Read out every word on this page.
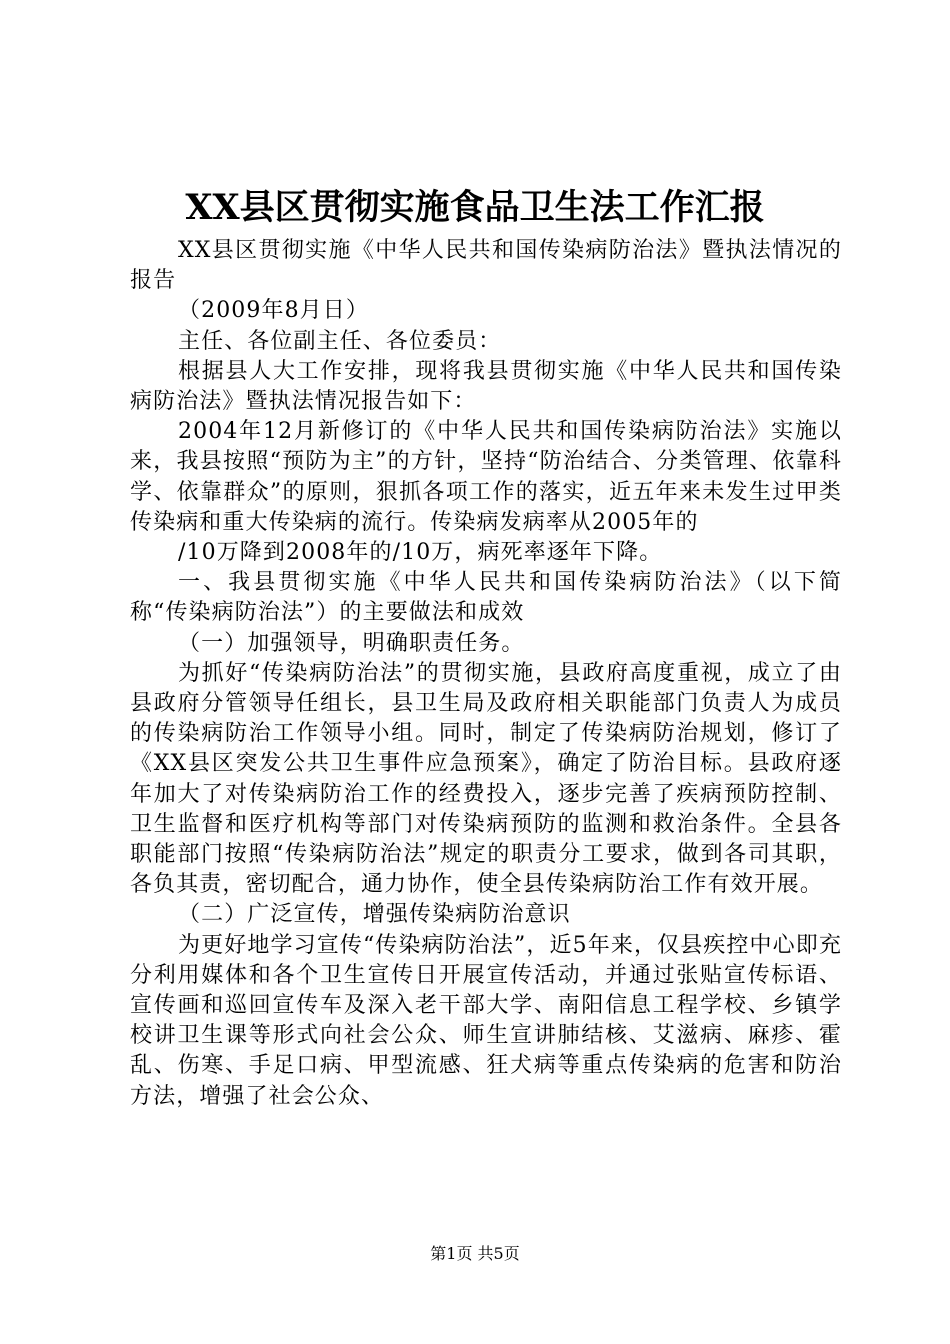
XX县区贯彻实施食品卫生法工作汇报

XX县区贯彻实施《中华人民共和国传染病防治法》暨执法情况的报告

（2009年8月日）

主任、各位副主任、各位委员：

根据县人大工作安排，现将我县贯彻实施《中华人民共和国传染病防治法》暨执法情况报告如下：

2004年12月新修订的《中华人民共和国传染病防治法》实施以来，我县按照“预防为主”的方针，坚持“防治结合、分类管理、依靠科学、依靠群众”的原则，狠抓各项工作的落实，近五年来未发生过甲类传染病和重大传染病的流行。传染病发病率从2005年的

/10万降到2008年的/10万，病死率逐年下降。

一、我县贯彻实施《中华人民共和国传染病防治法》（以下简称“传染病防治法”）的主要做法和成效

（一）加强领导，明确职责任务。

为抓好“传染病防治法”的贯彻实施，县政府高度重视，成立了由县政府分管领导任组长，县卫生局及政府相关职能部门负责人为成员的传染病防治工作领导小组。同时，制定了传染病防治规划，修订了《XX县区突发公共卫生事件应急预案》，确定了防治目标。县政府逐年加大了对传染病防治工作的经费投入，逐步完善了疾病预防控制、卫生监督和医疗机构等部门对传染病预防的监测和救治条件。全县各职能部门按照“传染病防治法”规定的职责分工要求，做到各司其职，各负其责，密切配合，通力协作，使全县传染病防治工作有效开展。

（二）广泛宣传，增强传染病防治意识

为更好地学习宣传“传染病防治法”，近5年来，仅县疾控中心即充分利用媒体和各个卫生宣传日开展宣传活动，并通过张贴宣传标语、宣传画和巡回宣传车及深入老干部大学、南阳信息工程学校、乡镇学校讲卫生课等形式向社会公众、师生宣讲肺结核、艾滋病、麻疹、霍乱、伤寒、手足口病、甲型流感、狂犬病等重点传染病的危害和防治方法，增强了社会公众、

第1页 共5页
